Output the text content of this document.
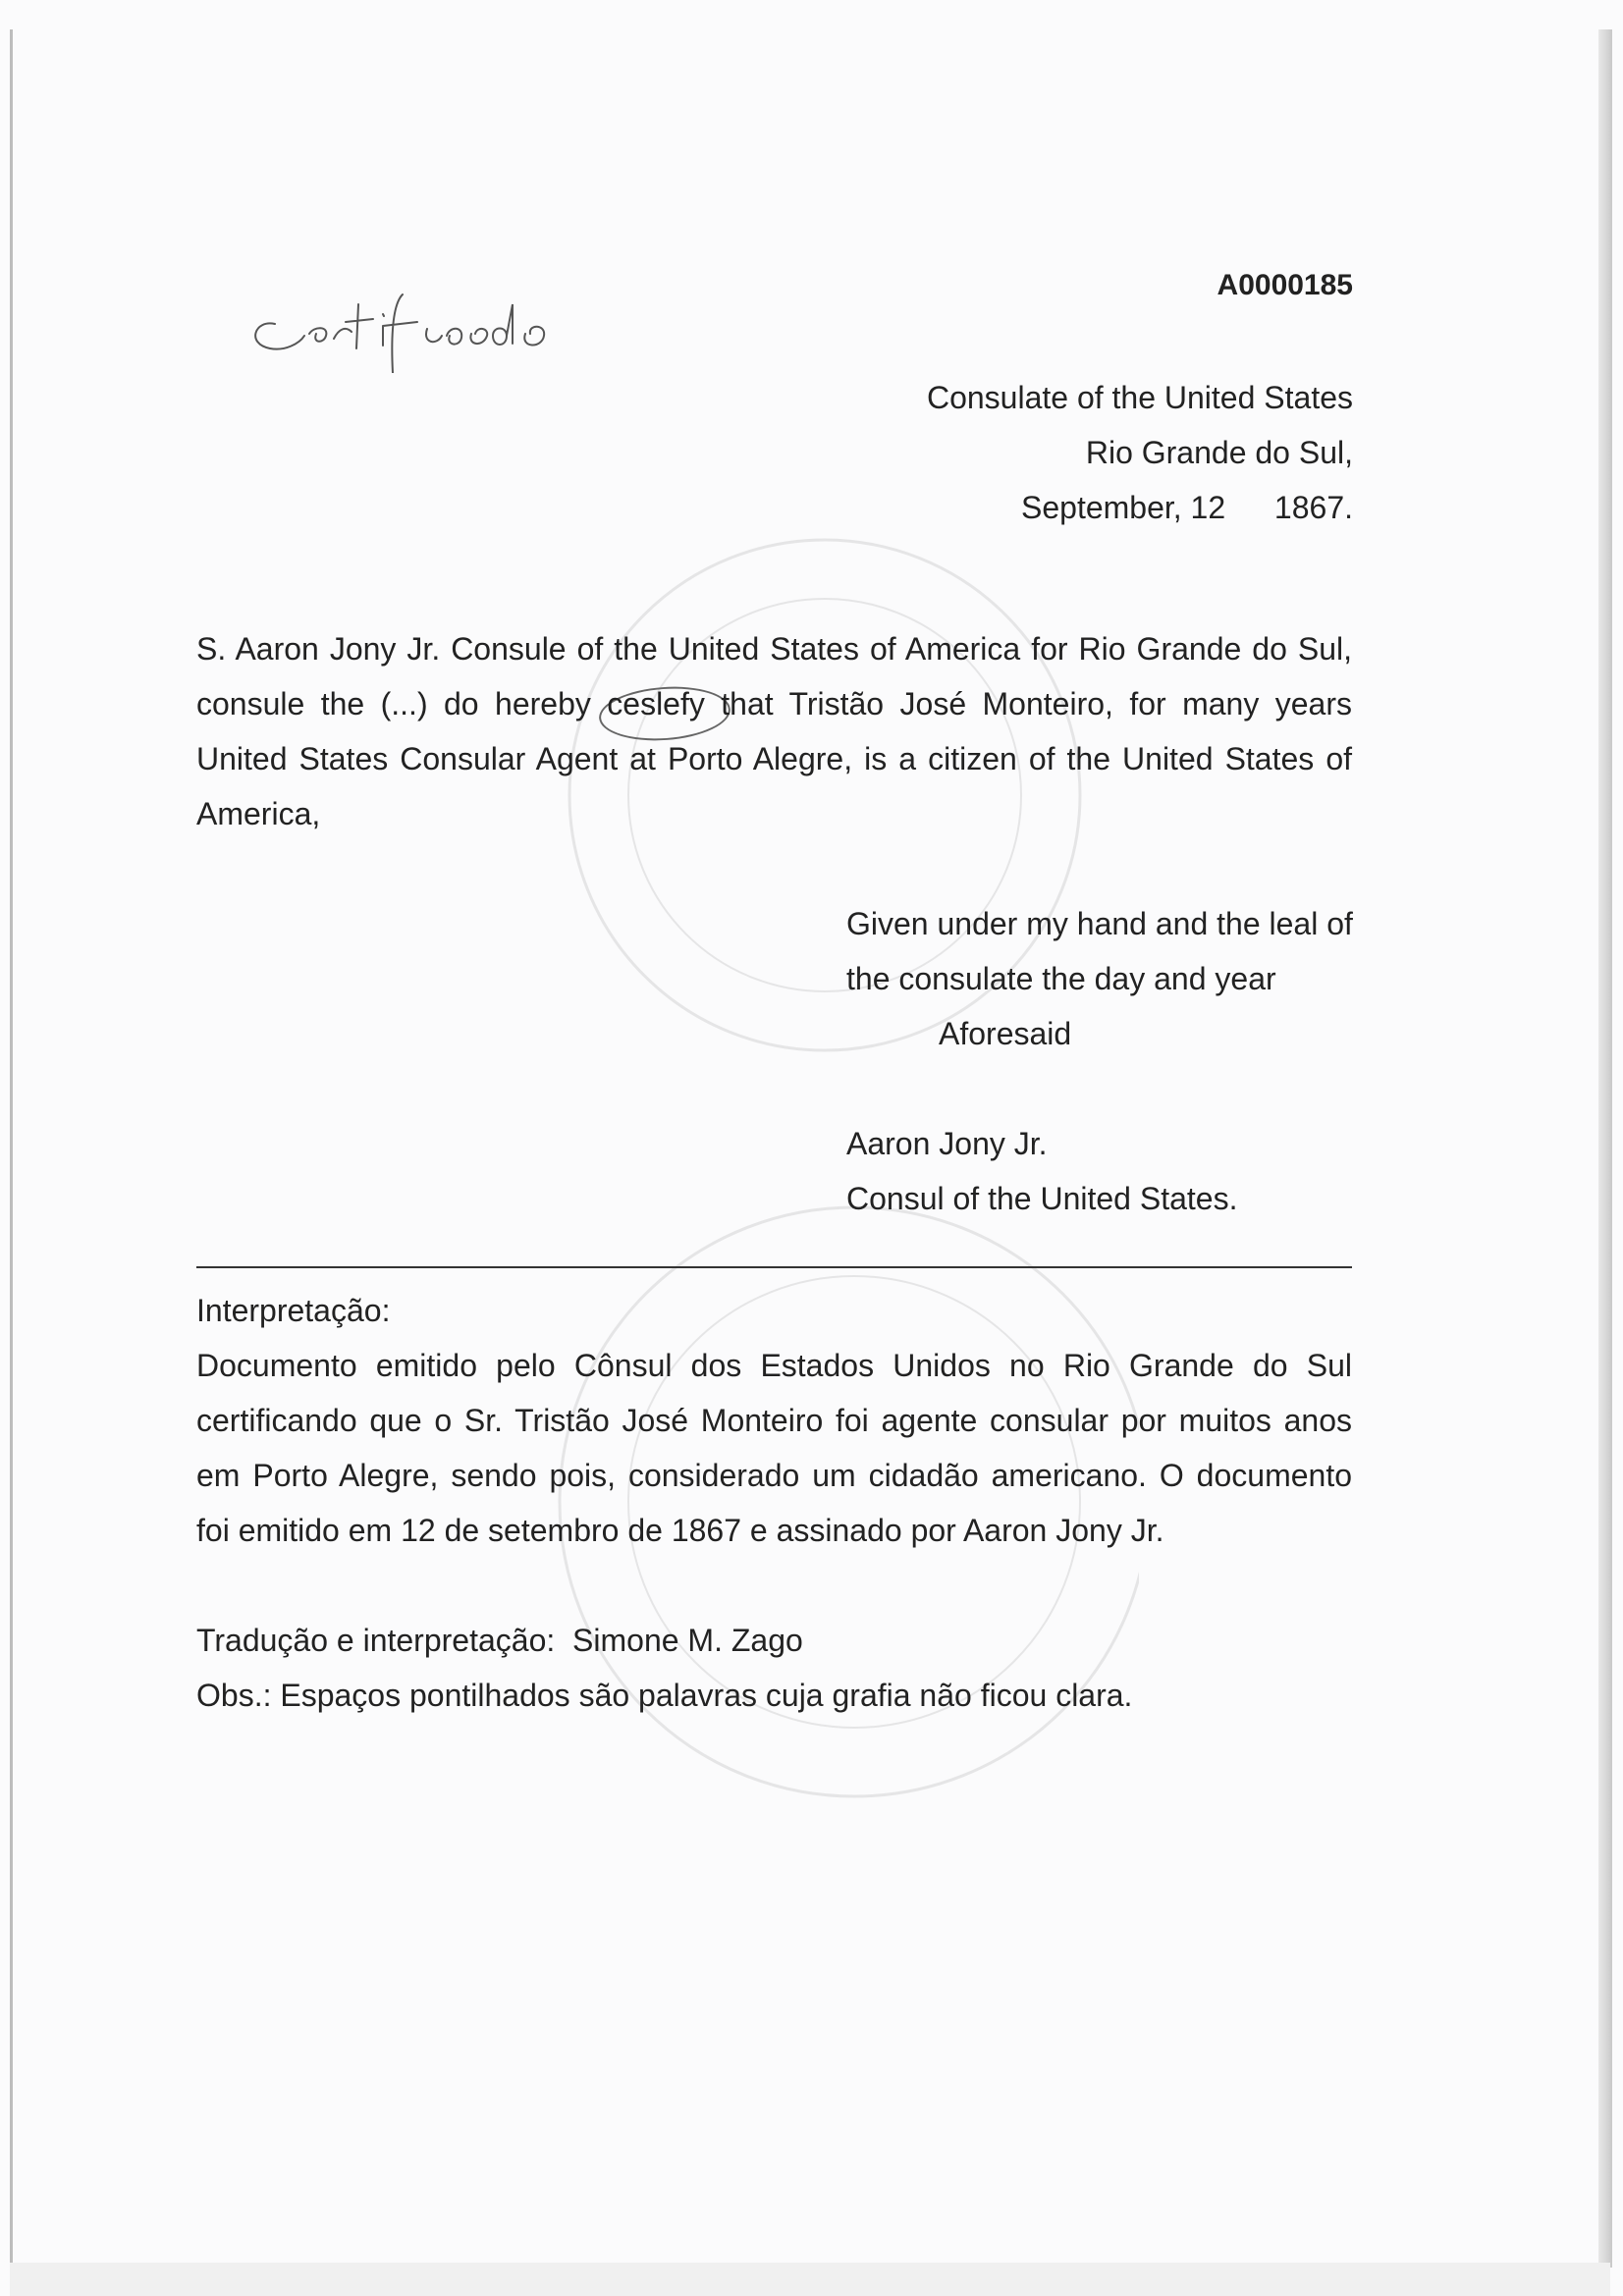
A0000185
Consulate of the United States
Rio Grande do Sul,
September, 12 1867.
S. Aaron Jony Jr. Consule of the United States of America for Rio Grande do Sul,
consule the (...) do hereby ceslefy that Tristão José Monteiro, for many years
United States Consular Agent at Porto Alegre, is a citizen of the United States of
America,
Given under my hand and the leal of
the consulate the day and year
Aforesaid
Aaron Jony Jr.
Consul of the United States.
Interpretação:
Documento emitido pelo Cônsul dos Estados Unidos no Rio Grande do Sul
certificando que o Sr. Tristão José Monteiro foi agente consular por muitos anos
em Porto Alegre, sendo pois, considerado um cidadão americano. O documento
foi emitido em 12 de setembro de 1867 e assinado por Aaron Jony Jr.
Tradução e interpretação:  Simone M. Zago
Obs.: Espaços pontilhados são palavras cuja grafia não ficou clara.
